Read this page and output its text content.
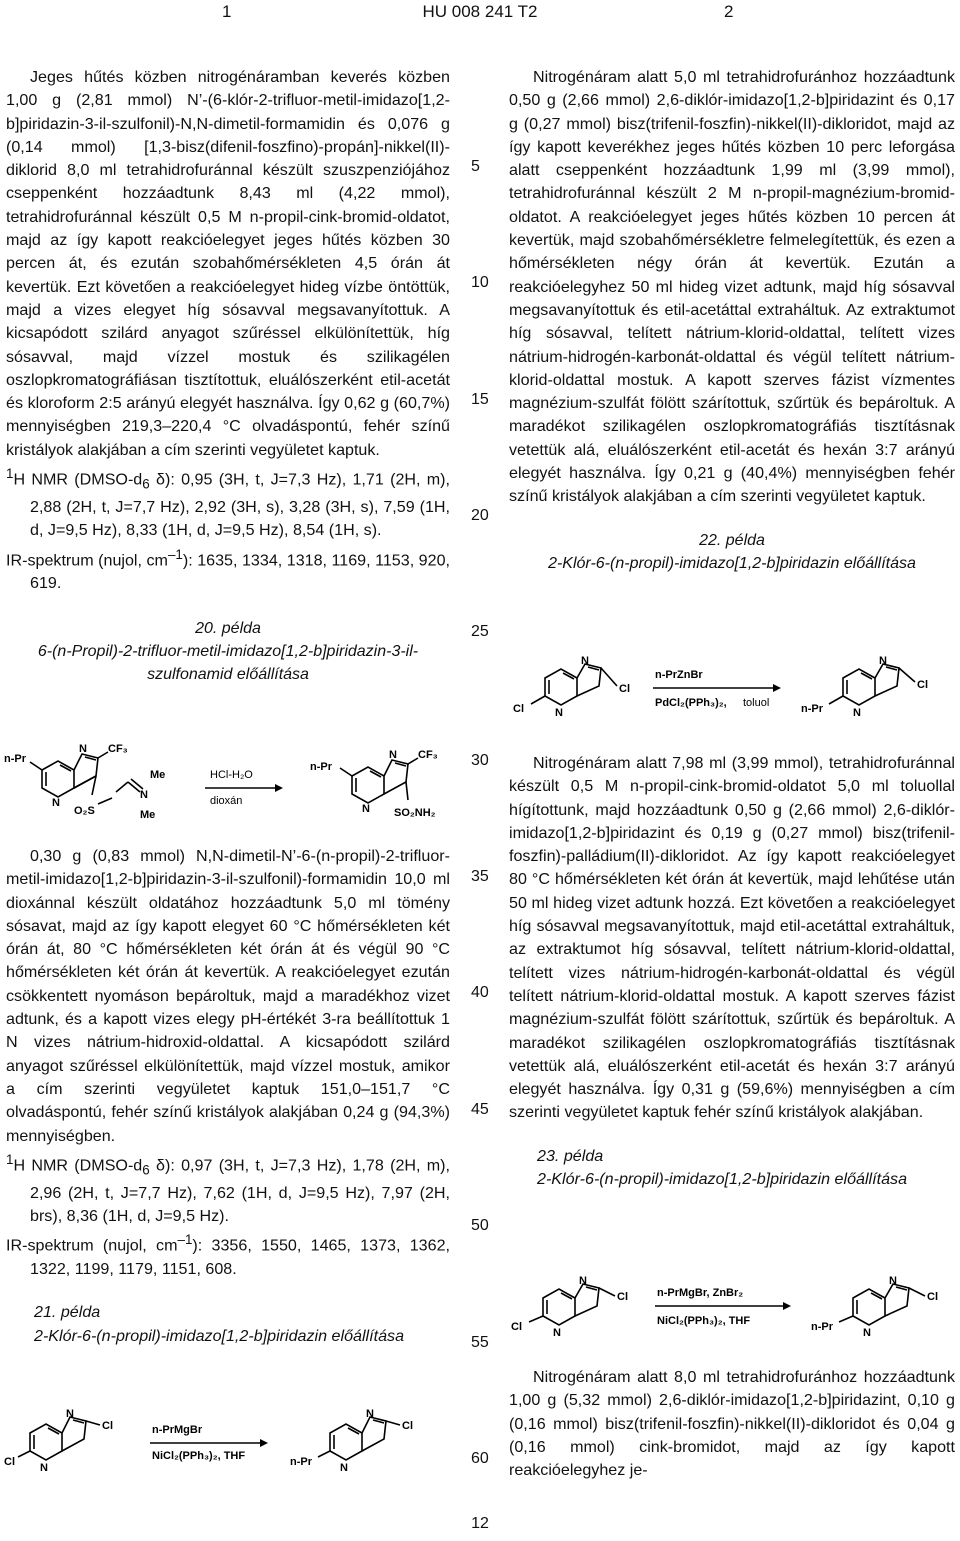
1	HU 008 241 T2	2

Jeges hűtés közben nitrogénáramban keverés közben 1,00 g (2,81 mmol) N’-(6-klór-2-trifluor-metil-imidazo[1,2-b]piridazin-3-il-szulfonil)-N,N-dimetil-formamidin és 0,076 g (0,14 mmol) [1,3-bisz(difenil-foszfino)-propán]-nikkel(II)-diklorid 8,0 ml tetrahidrofuránnal készült szuszpenziójához cseppenként hozzáadtunk 8,43 ml (4,22 mmol), tetrahidrofuránnal készült 0,5 M n-propil-cink-bromid-oldatot, majd az így kapott reakcióelegyet jeges hűtés közben 30 percen át, és ezután szobahőmérsékleten 4,5 órán át kevertük. Ezt követően a reakcióelegyet hideg vízbe öntöttük, majd a vizes elegyet híg sósavval megsavanyítottuk. A kicsapódott szilárd anyagot szűréssel elkülönítettük, híg sósavval, majd vízzel mostuk és szilikagélen oszlopkromatográfiásan tisztítottuk, eluálószerként etil-acetát és kloroform 2:5 arányú elegyét használva. Így 0,62 g (60,7%) mennyiségben 219,3–220,4 °C olvadáspontú, fehér színű kristályok alakjában a cím szerinti vegyületet kaptuk.

$^1$H NMR ($DMSO-d_6$ δ): 0,95 (3H, t, J=7,3 Hz), 1,71 (2H, m), 2,88 (2H, t, J=7,7 Hz), 2,92 (3H, s), 3,28 (3H, s), 7,59 (1H, d, J=9,5 Hz), 8,33 (1H, d, J=9,5 Hz), 8,54 (1H, s).

IR-spektrum (nujol, $cm^{-1}$): 1635, 1334, 1318, 1169, 1153, 920, 619.

20. példa

6-(n-Propil)-2-trifluor-metil-imidazo[1,2-b]piridazin-3-il-szulfonamid előállítása

n-Pr
N
N CF₃
O₂S
N
Me
Me
HCl-H₂O
dioxán
n-Pr
N
N CF₃
SO₂NH₂

0,30 g (0,83 mmol) N,N-dimetil-N’-6-(n-propil)-2-trifluor-metil-imidazo[1,2-b]piridazin-3-il-szulfonil)-formamidin 10,0 ml dioxánnal készült oldatához hozzáadtunk 5,0 ml tömény sósavat, majd az így kapott elegyet 60 °C hőmérsékleten két órán át, 80 °C hőmérsékleten két órán át és végül 90 °C hőmérsékleten két órán át kevertük. A reakcióelegyet ezután csökkentett nyomáson bepároltuk, majd a maradékhoz vizet adtunk, és a kapott vizes elegy pH-értékét 3-ra beállítottuk 1 N vizes nátrium-hidroxid-oldattal. A kicsapódott szilárd anyagot szűréssel elkülönítettük, majd vízzel mostuk, amikor a cím szerinti vegyületet kaptuk 151,0–151,7 °C olvadáspontú, fehér színű kristályok alakjában 0,24 g (94,3%) mennyiségben.

$^1$H NMR ($DMSO-d_6$ δ): 0,97 (3H, t, J=7,3 Hz), 1,78 (2H, m), 2,96 (2H, t, J=7,7 Hz), 7,62 (1H, d, J=9,5 Hz), 7,97 (2H, brs), 8,36 (1H, d, J=9,5 Hz).

IR-spektrum (nujol, $cm^{-1}$): 3356, 1550, 1465, 1373, 1362, 1322, 1199, 1179, 1151, 608.

21. példa

2-Klór-6-(n-propil)-imidazo[1,2-b]piridazin előállítása

Cl N
N
Cl	n-PrMgBr
NiCl₂(PPh₃)₂, THF	n-Pr	N
N
Cl
5
10
15
20
25
30
35
40
45
50
55
60

Nitrogénáram alatt 5,0 ml tetrahidrofuránhoz hozzáadtunk 0,50 g (2,66 mmol) 2,6-diklór-imidazo[1,2-b]piridazint és 0,17 g (0,27 mmol) bisz(trifenil-foszfin)-nikkel(II)-dikloridot, majd az így kapott keverékhez jeges hűtés közben 10 perc leforgása alatt cseppenként hozzáadtunk 1,99 ml (3,99 mmol), tetrahidrofuránnal készült 2 M n-propil-magnézium-bromid-oldatot. A reakcióelegyet jeges hűtés közben 10 percen át kevertük, majd szobahőmérsékletre felmelegítettük, és ezen a hőmérsékleten négy órán át kevertük. Ezután a reakcióelegyhez 50 ml hideg vizet adtunk, majd híg sósavval megsavanyítottuk és etil-acetáttal extraháltuk. Az extraktumot híg sósavval, telített nátrium-klorid-oldattal, telített vizes nátrium-hidrogén-karbonát-oldattal és végül telített nátrium-klorid-oldattal mostuk. A kapott szerves fázist vízmentes magnézium-szulfát fölött szárítottuk, szűrtük és bepároltuk. A maradékot szilikagélen oszlopkromatográfiás tisztításnak vetettük alá, eluálószerként etil-acetát és hexán 3:7 arányú elegyét használva. Így 0,21 g (40,4%) mennyiségben fehér színű kristályok alakjában a cím szerinti vegyületet kaptuk.

22. példa

2-Klór-6-(n-propil)-imidazo[1,2-b]piridazin előállítása

Cl	N
N
Cl
n-PrZnBr
PdCl₂(PPh₃)₂, toluol	n-Pr	N
N
Cl

Nitrogénáram alatt 7,98 ml (3,99 mmol), tetrahidrofuránnal készült 0,5 M n-propil-cink-bromid-oldatot 5,0 ml toluollal hígítottunk, majd hozzáadtunk 0,50 g (2,66 mmol) 2,6-diklór-imidazo[1,2-b]piridazint és 0,19 g (0,27 mmol) bisz(trifenil-foszfin)-palládium(II)-dikloridot. Az így kapott reakcióelegyet 80 °C hőmérsékleten két órán át kevertük, majd lehűtése után 50 ml hideg vizet adtunk hozzá. Ezt követően a reakcióelegyet híg sósavval megsavanyítottuk, majd etil-acetáttal extraháltuk, az extraktumot híg sósavval, telített nátrium-klorid-oldattal, telített vizes nátrium-hidrogén-karbonát-oldattal és végül telített nátrium-klorid-oldattal mostuk. A kapott szerves fázist magnézium-szulfát fölött szárítottuk, szűrtük és bepároltuk. A maradékot szilikagélen oszlopkromatográfiás tisztításnak vetettük alá, eluálószerként etil-acetát és hexán 3:7 arányú elegyét használva. Így 0,31 g (59,6%) mennyiségben a cím szerinti vegyületet kaptuk fehér színű kristályok alakjában.

23. példa

2-Klór-6-(n-propil)-imidazo[1,2-b]piridazin előállítása

Cl	N
N
Cl	n-PrMgBr, ZnBr₂
NiCl₂(PPh₃)₂, THF	n-Pr	N
N
Cl

Nitrogénáram alatt 8,0 ml tetrahidrofuránhoz hozzáadtunk 1,00 g (5,32 mmol) 2,6-diklór-imidazo[1,2-b]piridazint, 0,10 g (0,16 mmol) bisz(trifenil-foszfin)-nikkel(II)-dikloridot és 0,04 g (0,16 mmol) cink-bromidot, majd az így kapott reakcióelegyhez je-

12
